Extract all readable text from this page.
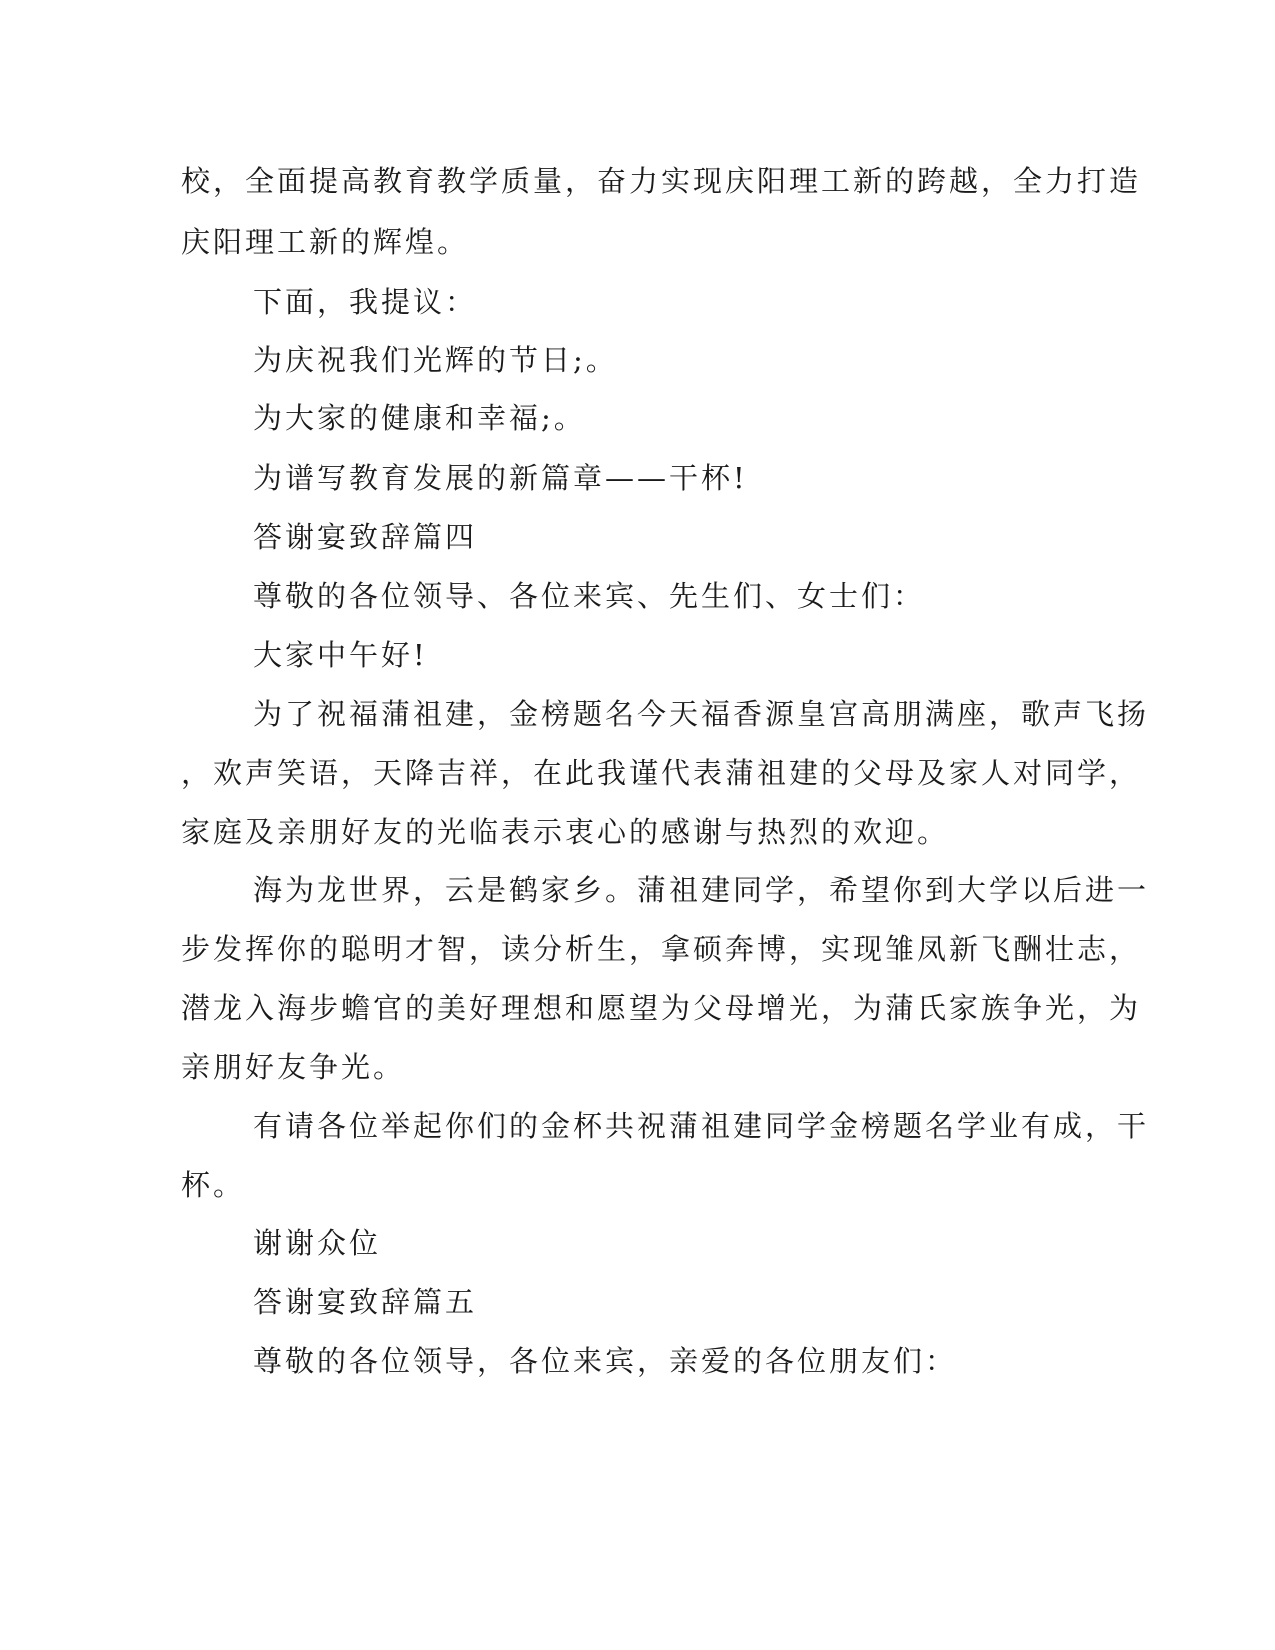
校，全面提高教育教学质量，奋力实现庆阳理工新的跨越，全力打造
庆阳理工新的辉煌。
下面，我提议：
为庆祝我们光辉的节日;。
为大家的健康和幸福;。
为谱写教育发展的新篇章——干杯!
答谢宴致辞篇四
尊敬的各位领导、各位来宾、先生们、女士们：
大家中午好!
为了祝福蒲祖建，金榜题名今天福香源皇宫高朋满座，歌声飞扬
，欢声笑语，天降吉祥，在此我谨代表蒲祖建的父母及家人对同学，
家庭及亲朋好友的光临表示衷心的感谢与热烈的欢迎。
海为龙世界，云是鹤家乡。蒲祖建同学，希望你到大学以后进一
步发挥你的聪明才智，读分析生，拿硕奔博，实现雏凤新飞酬壮志，
潜龙入海步蟾官的美好理想和愿望为父母增光，为蒲氏家族争光，为
亲朋好友争光。
有请各位举起你们的金杯共祝蒲祖建同学金榜题名学业有成，干
杯。
谢谢众位
答谢宴致辞篇五
尊敬的各位领导，各位来宾，亲爱的各位朋友们：
